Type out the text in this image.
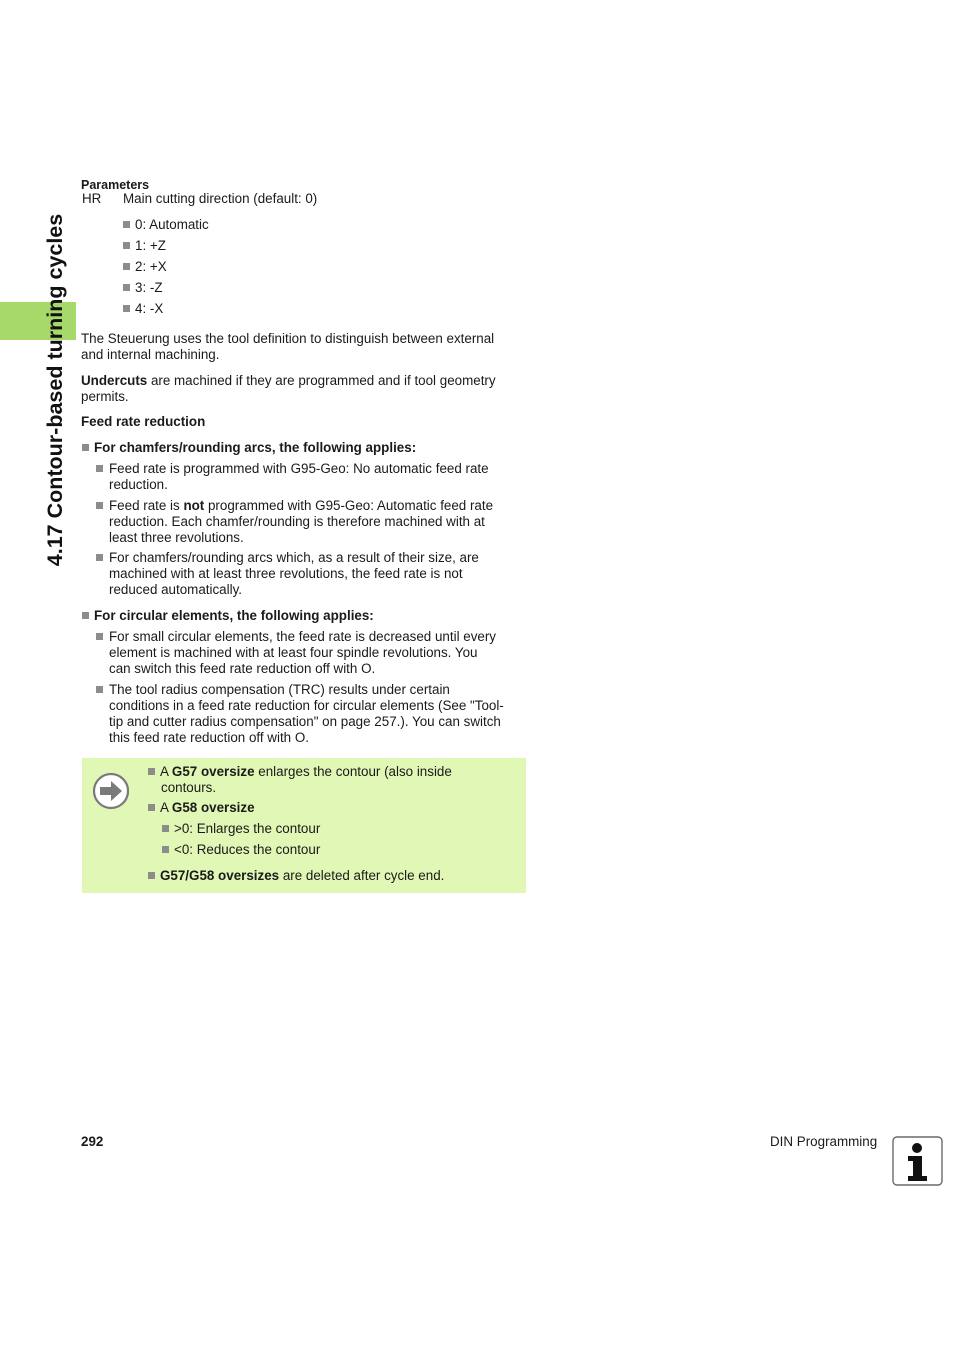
4.17 Contour-based turning cycles
Parameters
HR Main cutting direction (default: 0)
0: Automatic
1: +Z
2: +X
3: -Z
4: -X
The Steuerung uses the tool definition to distinguish between external
and internal machining.
Undercuts are machined if they are programmed and if tool geometry
permits.
Feed rate reduction
For chamfers/rounding arcs, the following applies:
Feed rate is programmed with G95-Geo: No automatic feed rate
reduction.
Feed rate is not programmed with G95-Geo: Automatic feed rate
reduction. Each chamfer/rounding is therefore machined with at
least three revolutions.
For chamfers/rounding arcs which, as a result of their size, are
machined with at least three revolutions, the feed rate is not
reduced automatically.
For circular elements, the following applies:
For small circular elements, the feed rate is decreased until every
element is machined with at least four spindle revolutions. You
can switch this feed rate reduction off with O.
The tool radius compensation (TRC) results under certain
conditions in a feed rate reduction for circular elements (See "Tool-
tip and cutter radius compensation" on page 257.). You can switch
this feed rate reduction off with O.
A G57 oversize enlarges the contour (also inside
contours.
A G58 oversize
>0: Enlarges the contour
<0: Reduces the contour
G57/G58 oversizes are deleted after cycle end.
292	DIN Programming
